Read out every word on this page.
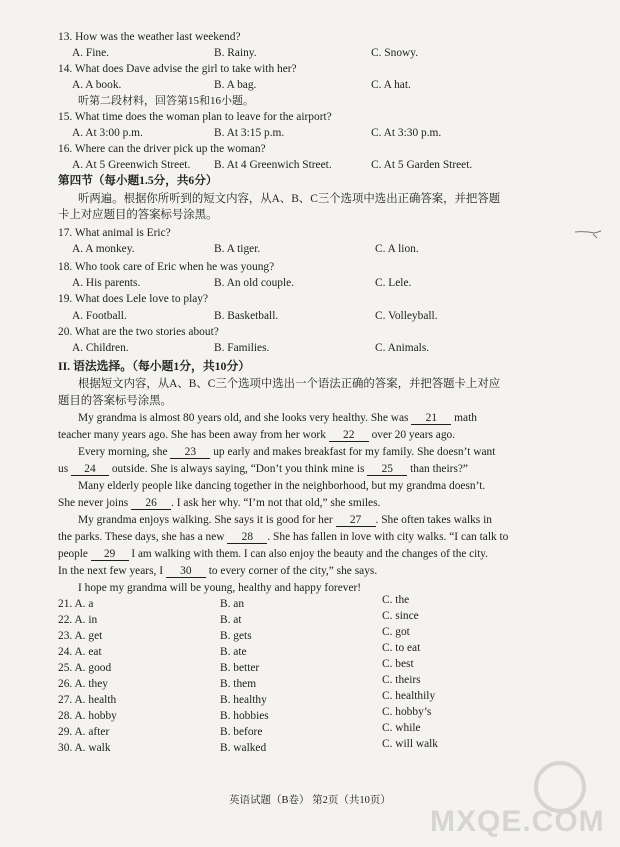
13. How was the weather last weekend?
A. Fine.	B. Rainy.	C. Snowy.
14. What does Dave advise the girl to take with her?
A. A book.	B. A bag.	C. A hat.
听第二段材料，回答第15和16小题。
15. What time does the woman plan to leave for the airport?
A. At 3:00 p.m.	B. At 3:15 p.m.	C. At 3:30 p.m.
16. Where can the driver pick up the woman?
A. At 5 Greenwich Street. B. At 4 Greenwich Street.	C. At 5 Garden Street.
第四节（每小题1.5分，共6分）
听两遍。根据你所听到的短文内容，从A、B、C三个选项中选出正确答案，并把答题
卡上对应题目的答案标号涂黑。
17. What animal is Eric?
A. A monkey.	B. A tiger.	C. A lion.
18. Who took care of Eric when he was young?
A. His parents.	B. An old couple.	C. Lele.
19. What does Lele love to play?
A. Football.	B. Basketball.	C. Volleyball.
20. What are the two stories about?
A. Children.	B. Families.	C. Animals.
II. 语法选择。（每小题1分，共10分）
根据短文内容，从A、B、C三个选项中选出一个语法正确的答案，并把答题卡上对应
题目的答案标号涂黑。
My grandma is almost 80 years old, and she looks very healthy. She was 21 math
teacher many years ago. She has been away from her work 22 over 20 years ago.
Every morning, she 23 up early and makes breakfast for my family. She doesn’t want
us 24 outside. She is always saying, “Don’t you think mine is 25 than theirs?”
Many elderly people like dancing together in the neighborhood, but my grandma doesn’t.
She never joins 26 . I ask her why. “I’m not that old,” she smiles.
My grandma enjoys walking. She says it is good for her 27 . She often takes walks in
the parks. These days, she has a new 28 . She has fallen in love with city walks. “I can talk to
people 29 I am walking with them. I can also enjoy the beauty and the changes of the city.
In the next few years, I 30 to every corner of the city,” she says.
I hope my grandma will be young, healthy and happy forever!
21. A. a	B. an	C. the
22. A. in	B. at	C. since
23. A. get	B. gets	C. got
24. A. eat	B. ate	C. to eat
25. A. good	B. better	C. best
26. A. they	B. them	C. theirs
27. A. health	B. healthy	C. healthily
28. A. hobby	B. hobbies	C. hobby’s
29. A. after	B. before	C. while
30. A. walk	B. walked	C. will walk
英语试题（B卷） 第2页（共10页）
MXQE.COM
